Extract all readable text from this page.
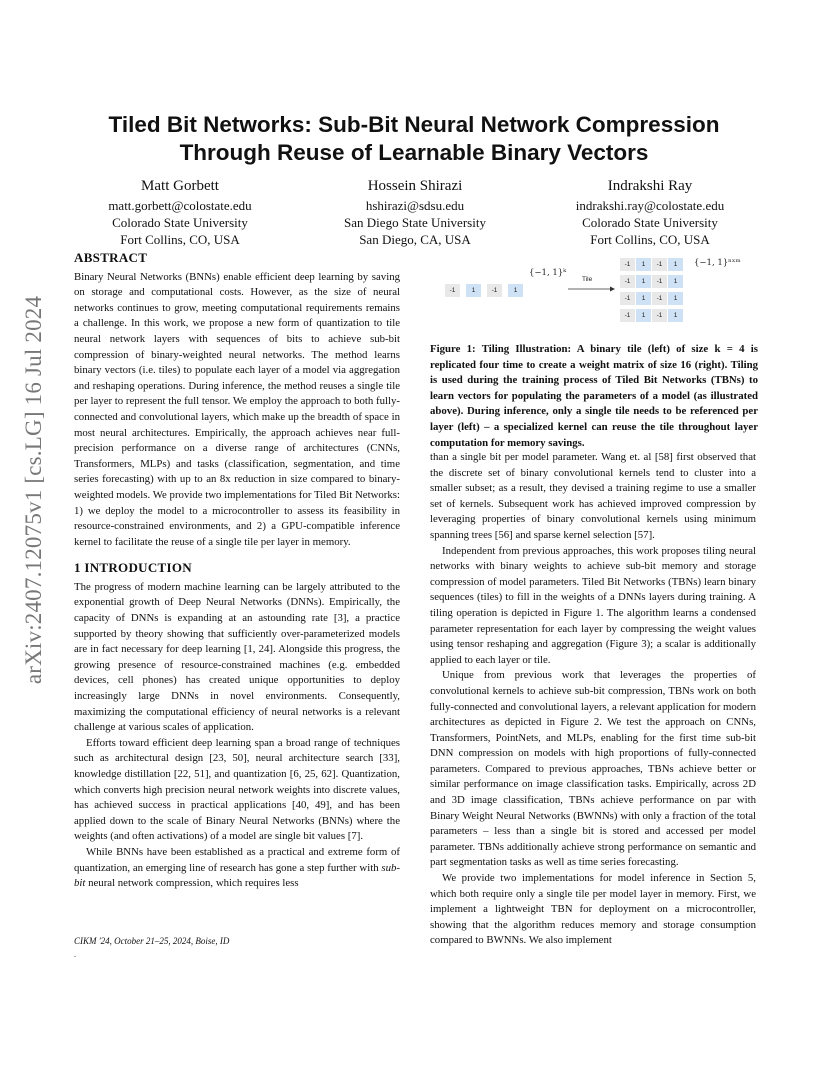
arXiv:2407.12075v1 [cs.LG] 16 Jul 2024
Tiled Bit Networks: Sub-Bit Neural Network Compression Through Reuse of Learnable Binary Vectors
Matt Gorbett
matt.gorbett@colostate.edu
Colorado State University
Fort Collins, CO, USA
Hossein Shirazi
hshirazi@sdsu.edu
San Diego State University
San Diego, CA, USA
Indrakshi Ray
indrakshi.ray@colostate.edu
Colorado State University
Fort Collins, CO, USA
ABSTRACT

Binary Neural Networks (BNNs) enable efficient deep learning by saving on storage and computational costs. However, as the size of neural networks continues to grow, meeting computational requirements remains a challenge. In this work, we propose a new form of quantization to tile neural network layers with sequences of bits to achieve sub-bit compression of binary-weighted neural networks. The method learns binary vectors (i.e. tiles) to populate each layer of a model via aggregation and reshaping operations. During inference, the method reuses a single tile per layer to represent the full tensor. We employ the approach to both fully-connected and convolutional layers, which make up the breadth of space in most neural architectures. Empirically, the approach achieves near full-precision performance on a diverse range of architectures (CNNs, Transformers, MLPs) and tasks (classification, segmentation, and time series forecasting) with up to an 8x reduction in size compared to binary-weighted models. We provide two implementations for Tiled Bit Networks: 1) we deploy the model to a microcontroller to assess its feasibility in resource-constrained environments, and 2) a GPU-compatible inference kernel to facilitate the reuse of a single tile per layer in memory.

1 INTRODUCTION

The progress of modern machine learning can be largely attributed to the exponential growth of Deep Neural Networks (DNNs). Empirically, the capacity of DNNs is expanding at an astounding rate [3], a practice supported by theory showing that sufficiently over-parameterized models are in fact necessary for deep learning [1, 24]. Alongside this progress, the growing presence of resource-constrained machines (e.g. embedded devices, cell phones) has created unique opportunities to deploy increasingly large DNNs in novel environments. Consequently, maximizing the computational efficiency of neural networks is a relevant challenge at various scales of application.

Efforts toward efficient deep learning span a broad range of techniques such as architectural design [23, 50], neural architecture search [33], knowledge distillation [22, 51], and quantization [6, 25, 62]. Quantization, which converts high precision neural network weights into discrete values, has achieved success in practical applications [40, 49], and has been applied down to the scale of Binary Neural Networks (BNNs) where the weights (and often activations) of a model are single bit values [7].

While BNNs have been established as a practical and extreme form of quantization, an emerging line of research has gone a step further with sub-bit neural network compression, which requires less

-1	1	-1	1
{−1, 1}ᵏ
Tile
-1	1	-1	1
-1	1	-1	1
-1	1	-1	1
-1	1	-1	1
{−1, 1}ⁿˣᵐ
Figure 1: Tiling Illustration: A binary tile (left) of size k = 4 is replicated four time to create a weight matrix of size 16 (right). Tiling is used during the training process of Tiled Bit Networks (TBNs) to learn vectors for populating the parameters of a model (as illustrated above). During inference, only a single tile needs to be referenced per layer (left) – a specialized kernel can reuse the tile throughout layer computation for memory savings.

than a single bit per model parameter. Wang et. al [58] first observed that the discrete set of binary convolutional kernels tend to cluster into a smaller subset; as a result, they devised a training regime to use a smaller set of kernels. Subsequent work has achieved improved compression by leveraging properties of binary convolutional kernels using minimum spanning trees [56] and sparse kernel selection [57].

Independent from previous approaches, this work proposes tiling neural networks with binary weights to achieve sub-bit memory and storage compression of model parameters. Tiled Bit Networks (TBNs) learn binary sequences (tiles) to fill in the weights of a DNNs layers during training. A tiling operation is depicted in Figure 1. The algorithm learns a condensed parameter representation for each layer by compressing the weight values using tensor reshaping and aggregation (Figure 3); a scalar is additionally applied to each layer or tile.

Unique from previous work that leverages the properties of convolutional kernels to achieve sub-bit compression, TBNs work on both fully-connected and convolutional layers, a relevant application for modern architectures as depicted in Figure 2. We test the approach on CNNs, Transformers, PointNets, and MLPs, enabling for the first time sub-bit DNN compression on models with high proportions of fully-connected parameters. Compared to previous approaches, TBNs achieve better or similar performance on image classification tasks. Empirically, across 2D and 3D image classification, TBNs achieve performance on par with Binary Weight Neural Networks (BWNNs) with only a fraction of the total parameters – less than a single bit is stored and accessed per model parameter. TBNs additionally achieve strong performance on semantic and part segmentation tasks as well as time series forecasting.

We provide two implementations for model inference in Section 5, which both require only a single tile per model layer in memory. First, we implement a lightweight TBN for deployment on a microcontroller, showing that the algorithm reduces memory and storage consumption compared to BWNNs. We also implement

CIKM '24, October 21–25, 2024, Boise, ID
.
